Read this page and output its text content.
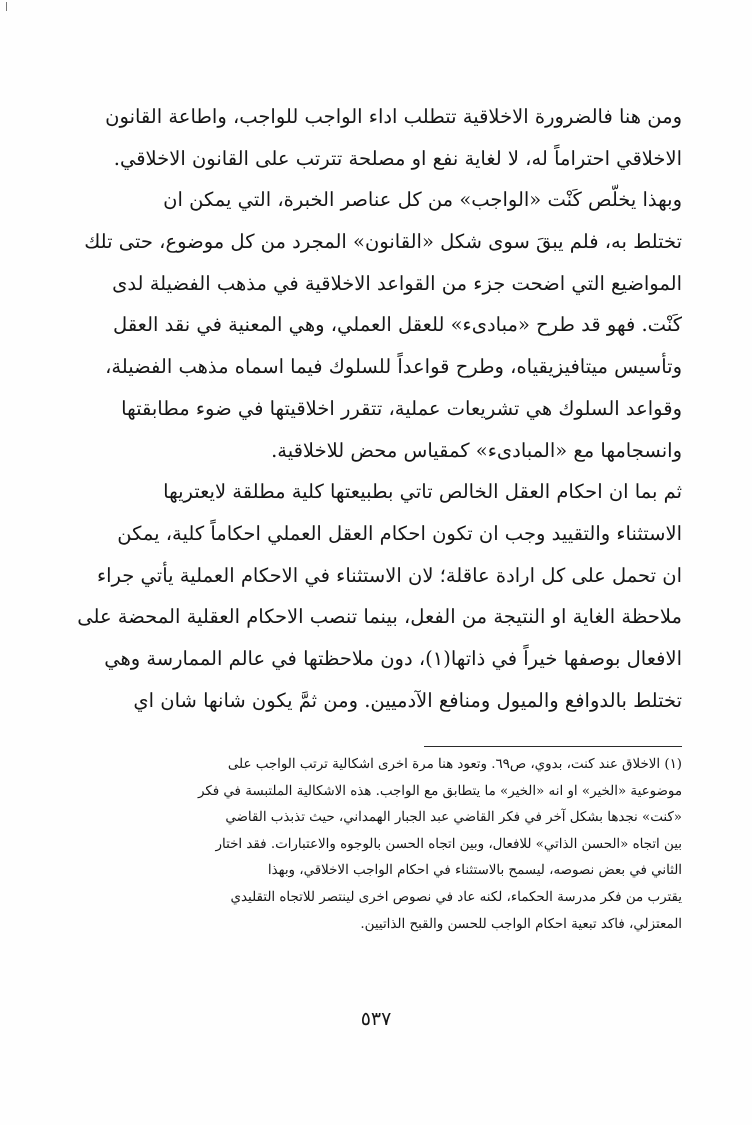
ومن هنا فالضرورة الاخلاقية تتطلب اداء الواجب للواجب، واطاعة القانون
الاخلاقي احتراماً له، لا لغاية نفع او مصلحة تترتب على القانون الاخلاقي.
وبهذا يخلّص كَنْت «الواجب» من كل عناصر الخبرة، التي يمكن ان
تختلط به، فلم يبقَ سوى شكل «القانون» المجرد من كل موضوع، حتى تلك
المواضيع التي اضحت جزء من القواعد الاخلاقية في مذهب الفضيلة لدى
كَنْت. فهو قد طرح «مبادىء» للعقل العملي، وهي المعنية في نقد العقل
وتأسيس ميتافيزيقياه، وطرح قواعداً للسلوك فيما اسماه مذهب الفضيلة،
وقواعد السلوك هي تشريعات عملية، تتقرر اخلاقيتها في ضوء مطابقتها
وانسجامها مع «المبادىء» كمقياس محض للاخلاقية.
ثم بما ان احكام العقل الخالص تاتي بطبيعتها كلية مطلقة لايعتريها
الاستثناء والتقييد وجب ان تكون احكام العقل العملي احكاماً كلية، يمكن
ان تحمل على كل ارادة عاقلة؛ لان الاستثناء في الاحكام العملية يأتي جراء
ملاحظة الغاية او النتيجة من الفعل، بينما تنصب الاحكام العقلية المحضة على
الافعال بوصفها خيراً في ذاتها(١)، دون ملاحظتها في عالم الممارسة وهي
تختلط بالدوافع والميول ومنافع الآدميين. ومن ثمَّ يكون شانها شان اي
(١) الاخلاق عند كنت، بدوي، ص٦٩. وتعود هنا مرة اخرى اشكالية ترتب الواجب على
موضوعية «الخير» او انه «الخير» ما يتطابق مع الواجب. هذه الاشكالية الملتبسة في فكر
«كنت» نجدها بشكل آخر في فكر القاضي عبد الجبار الهمداني، حيث تذبذب القاضي
بين اتجاه «الحسن الذاتي» للافعال، وبين اتجاه الحسن بالوجوه والاعتبارات. فقد اختار
الثاني في بعض نصوصه، ليسمح بالاستثناء في احكام الواجب الاخلاقي، وبهذا
يقترب من فكر مدرسة الحكماء، لكنه عاد في نصوص اخرى لينتصر للاتجاه التقليدي
المعتزلي، فاكد تبعية احكام الواجب للحسن والقبح الذاتيين.
٥٣٧
